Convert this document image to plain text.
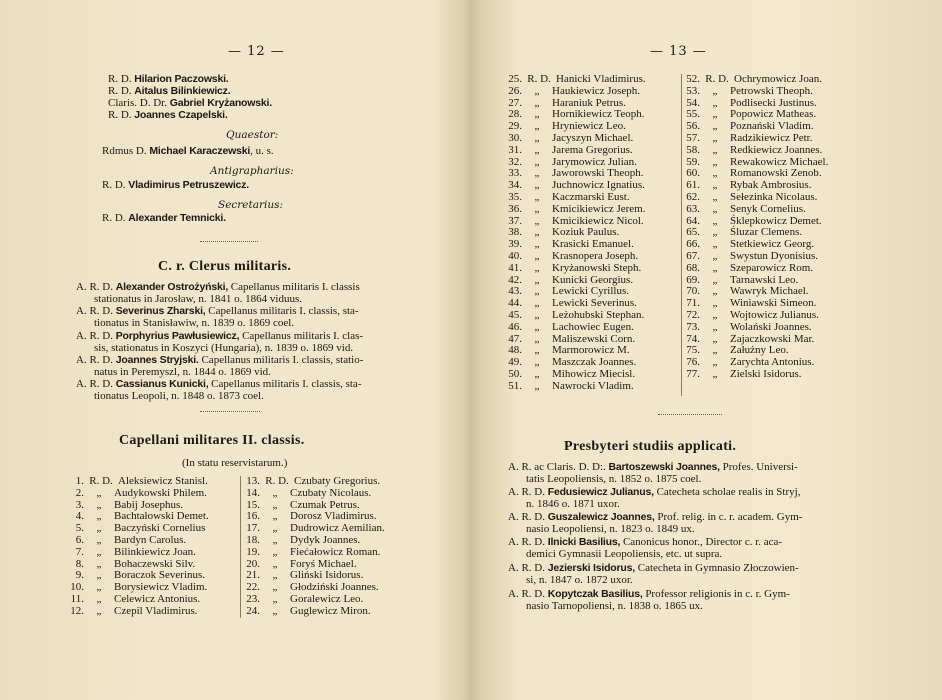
— 12 —
R. D. Hilarion Paczowski.
R. D. Aitalus Bilinkiewicz.
Claris. D. Dr. Gabriel Kryżanowski.
R. D. Joannes Czapelski.
Quaestor:
Rdmus D. Michael Karaczewski, u. s.
Antigrapharius:
R. D. Vladimirus Petruszewicz.
Secretarius:
R. D. Alexander Temnicki.
C. r. Clerus militaris.
A. R. D. Alexander Ostrożyński, Capellanus militaris I. classis
stationatus in Jarosław, n. 1841 o. 1864 viduus.
A. R. D. Severinus Zharski, Capellanus militaris I. classis, sta-
tionatus in Stanisławiw, n. 1839 o. 1869 coel.
A. R. D. Porphyrius Pawłusiewicz, Capellanus militaris I. clas-
sis, stationatus in Koszyci (Hungaria), n. 1839 o. 1869 vid.
A. R. D. Joannes Stryjski. Capellanus militaris I. classis, statio-
natus in Peremyszl, n. 1844 o. 1869 vid.
A. R. D. Cassianus Kunicki, Capellanus militaris I. classis, sta-
tionatus Leopoli, n. 1848 o. 1873 coel.
Capellani militares II. classis.
(In statu reservistarum.)
1. R. D. Aleksiewicz Stanisl.
2. „ Audykowski Philem.
3. „ Babij Josephus.
4. „ Bachtałowski Demet.
5. „ Baczyński Cornelius
6. „ Bardyn Carolus.
7. „ Bilinkiewicz Joan.
8. „ Bohaczewski Silv.
9. „ Boraczok Severinus.
10. „ Borysiewicz Vladim.
11. „ Celewicz Antonius.
12. „ Czepil Vladimirus.
13. R. D. Czubaty Gregorius.
14. „ Czubaty Nicolaus.
15. „ Czumak Petrus.
16. „ Dorosz Vladimirus.
17. „ Dudrowicz Aemilian.
18. „ Dydyk Joannes.
19. „ Fiećałowicz Roman.
20. „ Foryś Michael.
21. „ Gliński Isidorus.
22. „ Głodziński Joannes.
23. „ Goralewicz Leo.
24. „ Guglewicz Miron.
— 13 —
25. R. D. Hanicki Vladimirus.
26. „ Haukiewicz Joseph.
27. „ Haraniuk Petrus.
28. „ Hornikiewicz Teoph.
29. „ Hryniewicz Leo.
30. „ Jacyszyn Michael.
31. „ Jarema Gregorius.
32. „ Jarymowicz Julian.
33. „ Jaworowski Theoph.
34. „ Juchnowicz Ignatius.
35. „ Kaczmarski Eust.
36. „ Kmicikiewicz Jerem.
37. „ Kmicikiewicz Nicol.
38. „ Koziuk Paulus.
39. „ Krasicki Emanuel.
40. „ Krasnopera Joseph.
41. „ Kryżanowski Steph.
42. „ Kunicki Georgius.
43. „ Lewicki Cyrillus.
44. „ Lewicki Severinus.
45. „ Leżohubski Stephan.
46. „ Lachowiec Eugen.
47. „ Maliszewski Corn.
48. „ Marmorowicz M.
49. „ Maszczak Joannes.
50. „ Mihowicz Miecisl.
51. „ Nawrocki Vladim.
52. R. D. Ochrymowicz Joan.
53. „ Petrowski Theoph.
54. „ Podlisecki Justinus.
55. „ Popowicz Matheas.
56. „ Poznański Vladim.
57. „ Radzikiewicz Petr.
58. „ Redkiewicz Joannes.
59. „ Rewakowicz Michael.
60. „ Romanowski Zenob.
61. „ Rybak Ambrosius.
62. „ Sełezinka Nicolaus.
63. „ Senyk Cornelius.
64. „ Śklepkowicz Demet.
65. „ Śluzar Clemens.
66. „ Stetkiewicz Georg.
67. „ Swystun Dyonisius.
68. „ Szeparowicz Rom.
69. „ Tarnawski Leo.
70. „ Wawryk Michael.
71. „ Winiawski Simeon.
72. „ Wojtowicz Julianus.
73. „ Wolański Joannes.
74. „ Zajaczkowski Mar.
75. „ Załużny Leo.
76. „ Zarychta Antonius.
77. „ Zielski Isidorus.
Presbyteri studiis applicati.
A. R. ac Claris. D. D:. Bartoszewski Joannes, Profes. Universi-
tatis Leopoliensis, n. 1852 o. 1875 coel.
A. R. D. Fedusiewicz Julianus, Catecheta scholae realis in Stryj,
n. 1846 o. 1871 uxor.
A. R. D. Guszalewicz Joannes, Prof. relig. in c. r. academ. Gym-
nasio Leopoliensi, n. 1823 o. 1849 ux.
A. R. D. Ilnicki Basilius, Canonicus honor., Director c. r. aca-
demici Gymnasii Leopoliensis, etc. ut supra.
A. R. D. Jezierski Isidorus, Catecheta in Gymnasio Złoczowien-
si, n. 1847 o. 1872 uxor.
A. R. D. Kopytczak Basilius, Professor religionis in c. r. Gym-
nasio Tarnopoliensi, n. 1838 o. 1865 ux.
